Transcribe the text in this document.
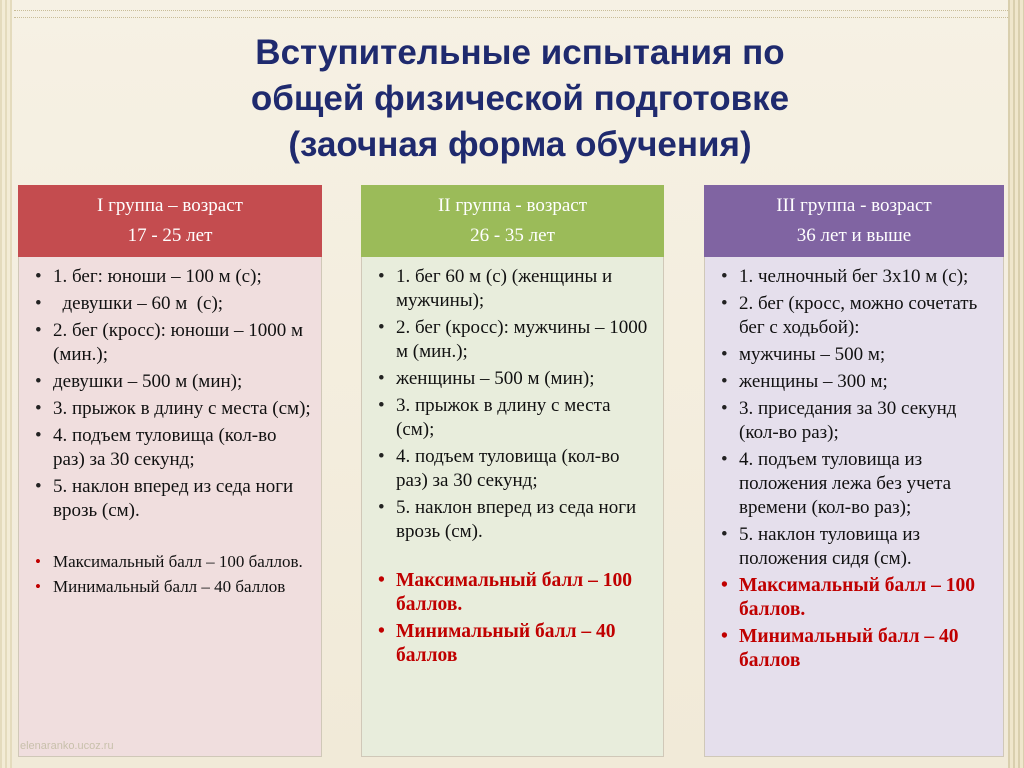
Вступительные испытания по
общей физической подготовке
(заочная форма обучения)
I группа – возраст
17 - 25 лет
• 1. бег: юноши – 100 м (с);
•   девушки – 60 м  (с);
• 2. бег (кросс): юноши – 1000 м (мин.);
• девушки – 500 м (мин);
• 3. прыжок в длину с места (см);
• 4. подъем туловища (кол-во раз) за 30 секунд;
• 5. наклон вперед из седа ноги врозь (см).
• Максимальный балл – 100 баллов.
• Минимальный балл – 40 баллов
II группа - возраст
26 - 35 лет
• 1. бег 60 м (с) (женщины и мужчины);
• 2. бег (кросс): мужчины – 1000 м (мин.);
• женщины – 500 м (мин);
• 3. прыжок в длину с места (см);
• 4. подъем туловища (кол-во раз) за 30 секунд;
• 5. наклон вперед из седа ноги врозь (см).
• Максимальный балл – 100 баллов.
• Минимальный балл – 40 баллов
III группа - возраст
36 лет и выше
• 1. челночный бег 3х10 м (с);
• 2. бег (кросс, можно сочетать бег с ходьбой):
• мужчины – 500 м;
• женщины – 300 м;
• 3. приседания за 30 секунд (кол-во раз);
• 4. подъем туловища из положения лежа без учета времени (кол-во раз);
• 5. наклон туловища из положения сидя (см).
• Максимальный балл – 100 баллов.
• Минимальный балл – 40 баллов
elenaranko.ucoz.ru
